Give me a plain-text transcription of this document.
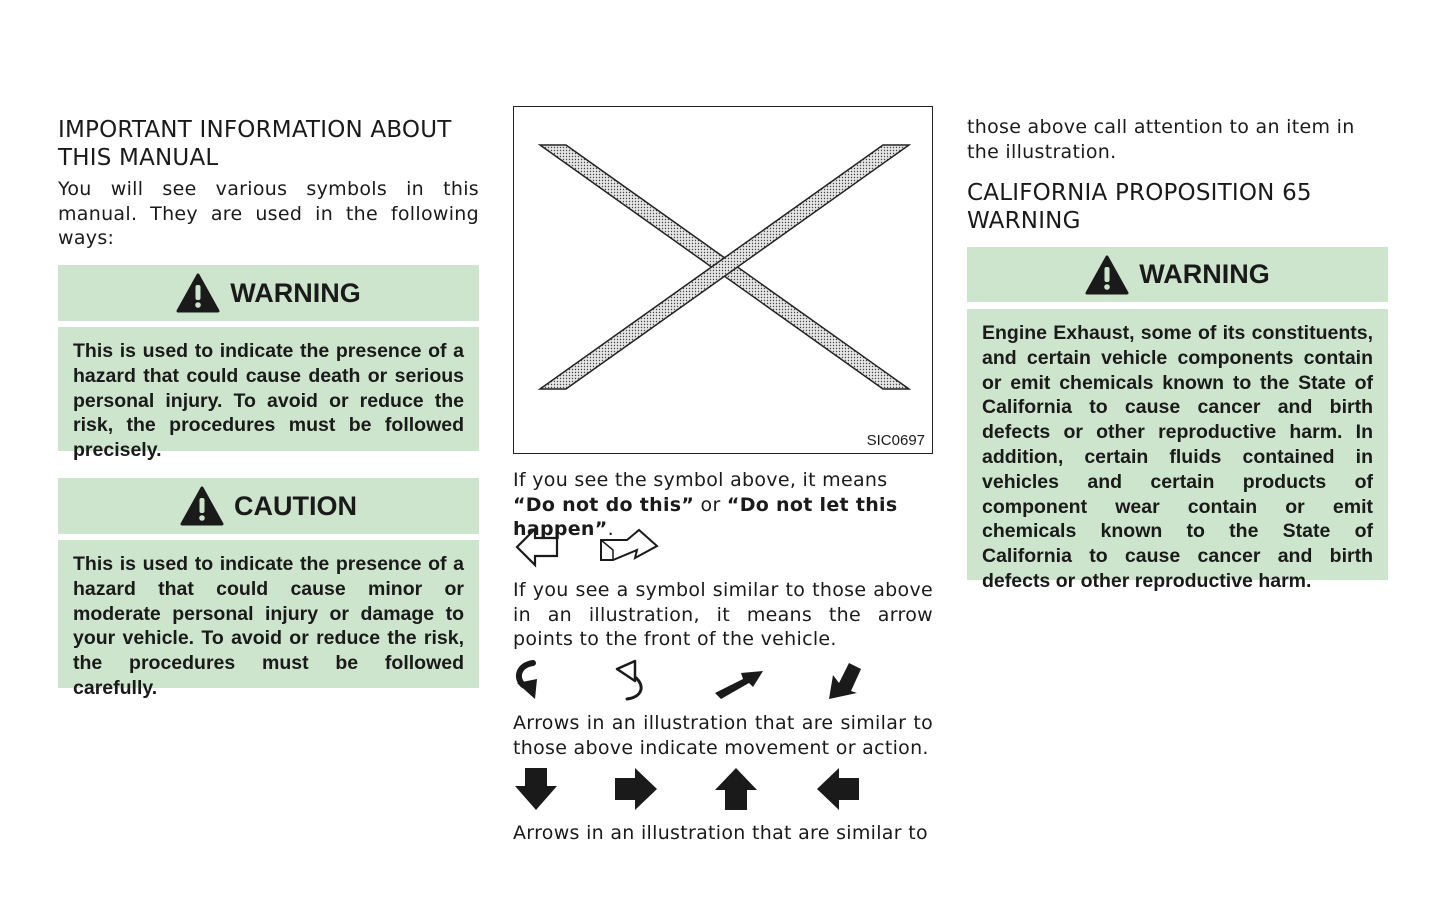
IMPORTANT INFORMATION ABOUT THIS MANUAL

You will see various symbols in this manual. They are used in the following ways:

WARNING
This is used to indicate the presence of a hazard that could cause death or serious personal injury. To avoid or reduce the risk, the procedures must be followed precisely.
CAUTION
This is used to indicate the presence of a hazard that could cause minor or moderate personal injury or damage to your vehicle. To avoid or reduce the risk, the procedures must be followed carefully.
SIC0697

If you see the symbol above, it means “Do not do this” or “Do not let this happen”.

If you see a symbol similar to those above in an illustration, it means the arrow points to the front of the vehicle.

Arrows in an illustration that are similar to those above indicate movement or action.

Arrows in an illustration that are similar to

those above call attention to an item in the illustration.

CALIFORNIA PROPOSITION 65 WARNING
WARNING
Engine Exhaust, some of its constituents, and certain vehicle components contain or emit chemicals known to the State of California to cause cancer and birth defects or other reproductive harm. In addition, certain fluids contained in vehicles and certain products of component wear contain or emit chemicals known to the State of California to cause cancer and birth defects or other reproductive harm.
